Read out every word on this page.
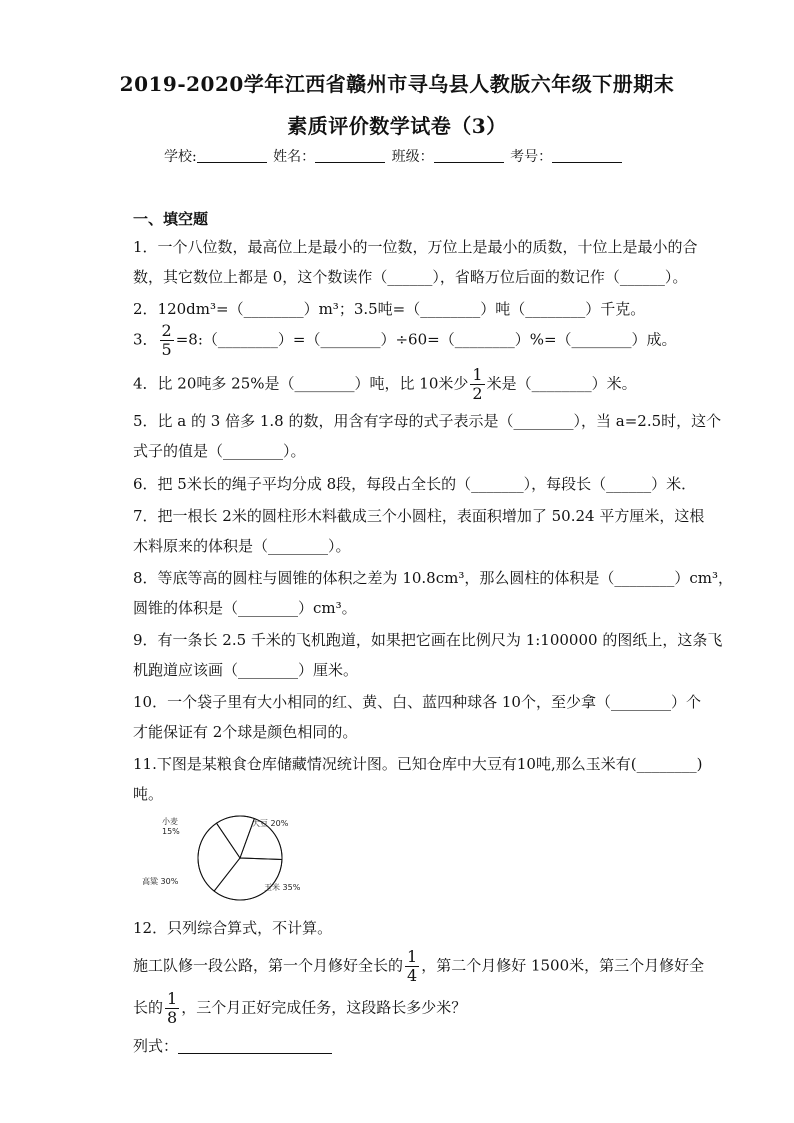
2019-2020学年江西省赣州市寻乌县人教版六年级下册期末
素质评价数学试卷（3）
学校:	姓名：	班级：	考号：
一、填空题
1．一个八位数，最高位上是最小的一位数，万位上是最小的质数，十位上是最小的合
数，其它数位上都是 0，这个数读作（______），省略万位后面的数记作（______）。
2．120dm³=（________）m³；3.5吨=（________）吨（________）千克。
3． $\frac{2}{5}$ =8:（________）=（________）÷60=（________）%=（________）成。
4．比 20吨多 25%是（________）吨，比 10米少 $\frac{1}{2}$ 米是（________）米。
5．比 a 的 3 倍多 1.8 的数，用含有字母的式子表示是（________），当 a=2.5时，这个
式子的值是（________）。
6．把 5米长的绳子平均分成 8段，每段占全长的（_______），每段长（______）米．
7．把一根长 2米的圆柱形木料截成三个小圆柱，表面积增加了 50.24 平方厘米，这根
木料原来的体积是（________）。
8．等底等高的圆柱与圆锥的体积之差为 10.8cm³，那么圆柱的体积是（________）cm³，
圆锥的体积是（________）cm³。
9．有一条长 2.5 千米的飞机跑道，如果把它画在比例尺为 1:100000 的图纸上，这条飞
机跑道应该画（________）厘米。
10．一个袋子里有大小相同的红、黄、白、蓝四种球各 10个，至少拿（________）个
才能保证有 2个球是颜色相同的。
11.下图是某粮食仓库储藏情况统计图。已知仓库中大豆有10吨,那么玉米有(________)
吨。
大豆 20%
玉米 35%
高粱 30%
小麦 15%
12．只列综合算式，不计算。
施工队修一段公路，第一个月修好全长的 $\frac{1}{4}$ ，第二个月修好 1500米，第三个月修好全
长的 $\frac{1}{8}$ ，三个月正好完成任务，这段路长多少米？
列式：
